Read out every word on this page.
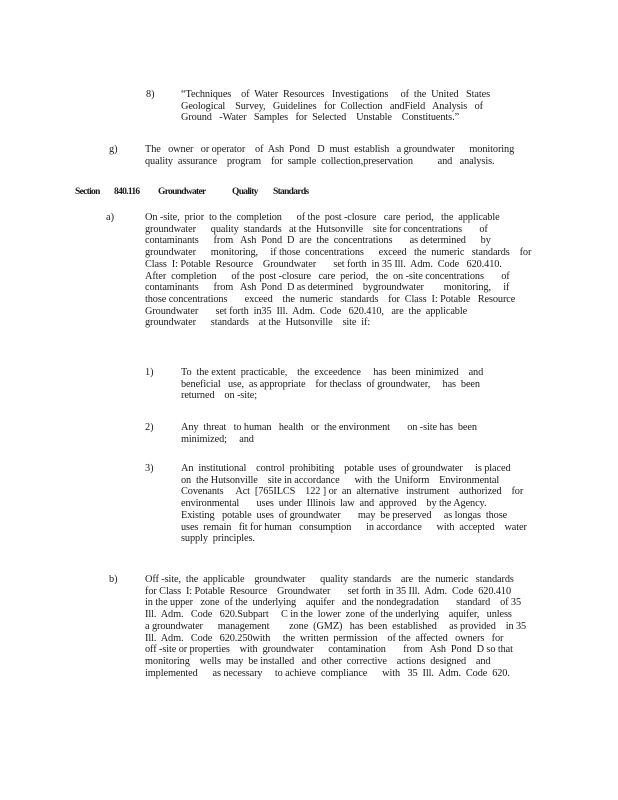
8)	“Techniques    of  Water  Resources   Investigations     of  the  United   States
Geological    Survey,   Guidelines   for  Collection   andField   Analysis   of
Ground   -Water   Samples   for  Selected    Unstable    Constituents.”
g)	The   owner   or operator    of  Ash  Pond   D  must  establish   a groundwater      monitoring
quality  assurance    program    for  sample  collection,preservation          and   analysis.
Section 840.116 Groundwater	Quality Standards
a)	On -site,  prior  to the  completion      of the  post -closure   care  period,   the  applicable
groundwater      quality  standards   at the  Hutsonville    site for concentrations       of
contaminants      from   Ash  Pond  D  are  the  concentrations       as determined      by
groundwater      monitoring,     if those  concentrations      exceed   the  numeric   standards    for
Class  I: Potable  Resource    Groundwater       set forth  in 35 Ill.  Adm.  Code   620.410.
After  completion      of the  post -closure   care  period,   the  on -site concentrations       of
contaminants      from   Ash  Pond  D as determined    bygroundwater        monitoring,     if
those concentrations       exceed    the  numeric   standards    for  Class  I: Potable   Resource
Groundwater       set forth  in35  Ill.  Adm.  Code   620.410,   are  the  applicable
groundwater      standards    at the  Hutsonville    site  if:
1)	To  the extent  practicable,    the  exceedence     has  been  minimized    and
beneficial   use,  as appropriate    for theclass  of groundwater,     has  been
returned    on -site;
2)	Any  threat   to human   health   or  the environment       on -site has  been
minimized;     and
3)	An  institutional    control  prohibiting    potable  uses  of groundwater     is placed
on  the Hutsonville    site in accordance      with  the  Uniform    Environmental
Covenants     Act  [765ILCS    122 ] or  an  alternative   instrument    authorized    for
environmental       uses  under  Illinois  law  and  approved    by the Agency.
Existing   potable  uses  of groundwater       may  be preserved     as longas  those
uses  remain   fit for human   consumption      in accordance      with  accepted    water
supply  principles.
b)	Off -site,  the  applicable    groundwater      quality  standards    are  the  numeric   standards
for Class  I: Potable  Resource    Groundwater       set forth  in 35 Ill.  Adm.  Code  620.410
in the upper   zone  of the  underlying    aquifer   and  the nondegradation       standard    of 35
Ill.  Adm.   Code   620.Subpart     C in the  lower  zone  of the underlying    aquifer,   unless
a groundwater      management        zone  (GMZ)   has  been  established     as provided    in 35
Ill.  Adm.   Code   620.250with     the  written  permission    of the  affected   owners   for
off -site or properties    with  groundwater      contamination       from   Ash  Pond  D so that
monitoring    wells  may  be installed   and  other  corrective    actions  designed    and
implemented      as necessary     to achieve  compliance      with   35  Ill.  Adm.  Code  620.
